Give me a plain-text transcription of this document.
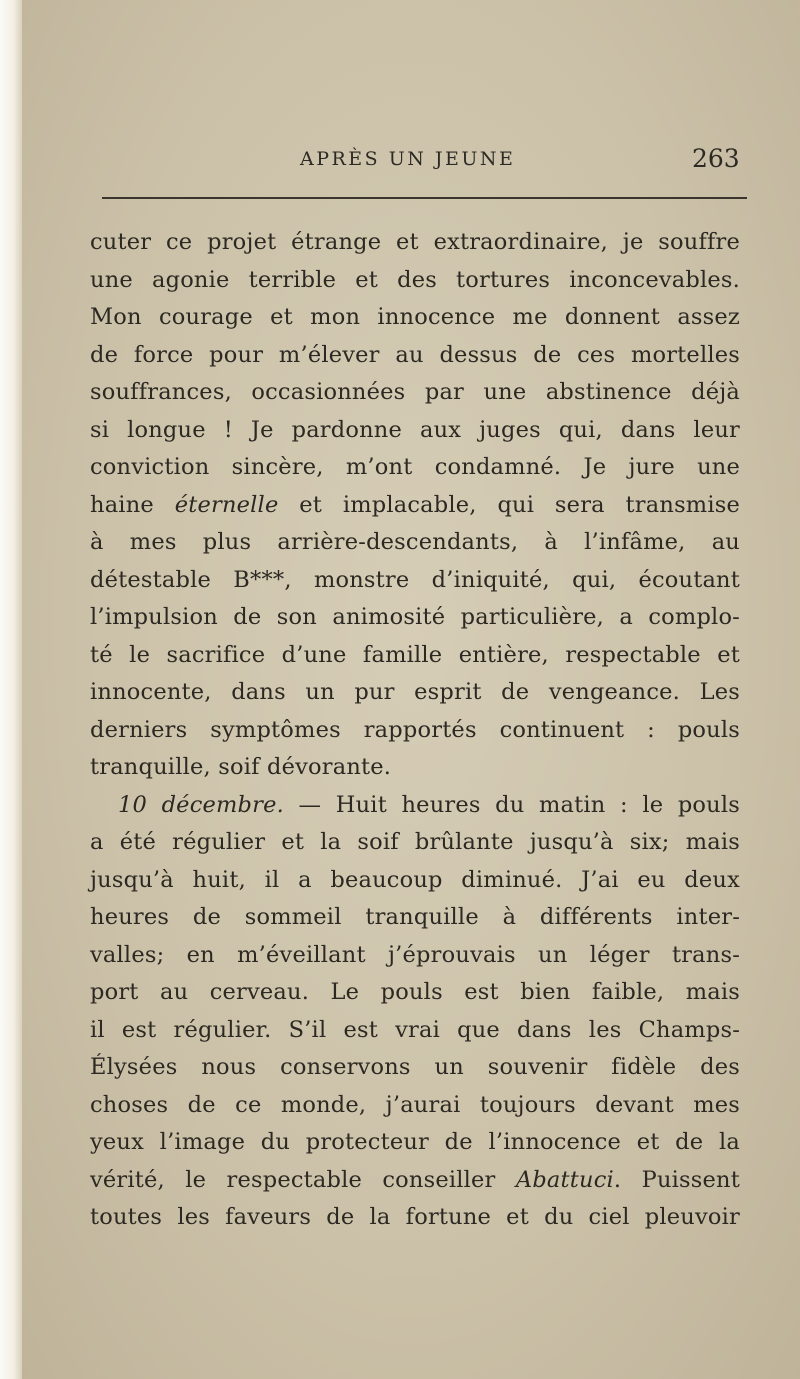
APRÈS UN JEUNE	263
cuter ce projet étrange et extraordinaire, je souffre
une agonie terrible et des tortures inconcevables.
Mon courage et mon innocence me donnent assez
de force pour m’élever au dessus de ces mortelles
souffrances, occasionnées par une abstinence déjà
si longue ! Je pardonne aux juges qui, dans leur
conviction sincère, m’ont condamné. Je jure une
haine éternelle et implacable, qui sera transmise
à mes plus arrière-descendants, à l’infâme, au
détestable B***, monstre d’iniquité, qui, écoutant
l’impulsion de son animosité particulière, a complo-
té le sacrifice d’une famille entière, respectable et
innocente, dans un pur esprit de vengeance. Les
derniers symptômes rapportés continuent : pouls
tranquille, soif dévorante.
10 décembre. — Huit heures du matin : le pouls
a été régulier et la soif brûlante jusqu’à six; mais
jusqu’à huit, il a beaucoup diminué. J’ai eu deux
heures de sommeil tranquille à différents inter-
valles; en m’éveillant j’éprouvais un léger trans-
port au cerveau. Le pouls est bien faible, mais
il est régulier. S’il est vrai que dans les Champs-
Élysées nous conservons un souvenir fidèle des
choses de ce monde, j’aurai toujours devant mes
yeux l’image du protecteur de l’innocence et de la
vérité, le respectable conseiller Abattuci. Puissent
toutes les faveurs de la fortune et du ciel pleuvoir
